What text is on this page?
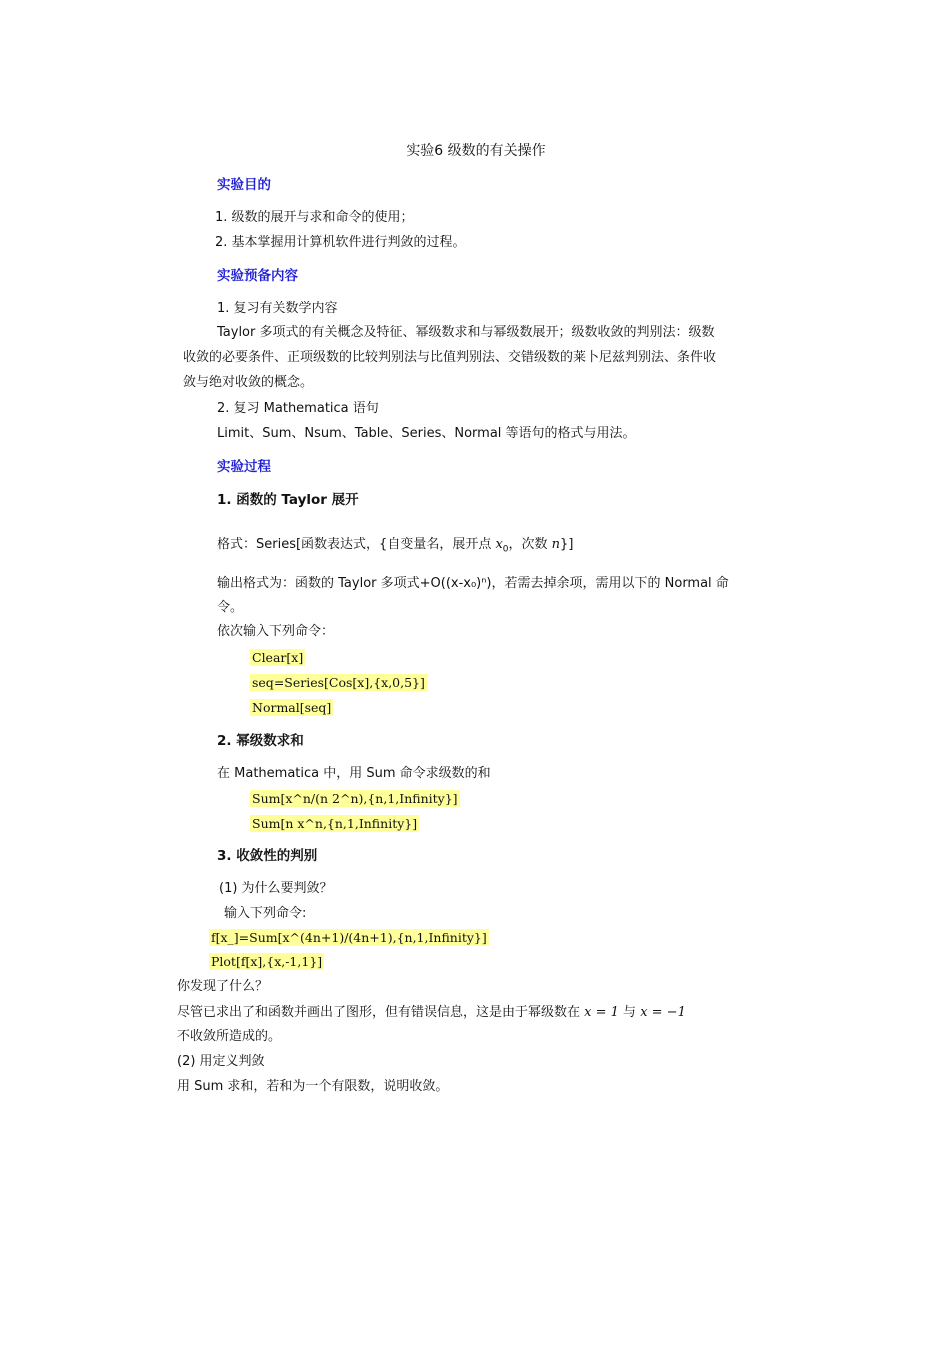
实验6 级数的有关操作
实验目的
1. 级数的展开与求和命令的使用；
2. 基本掌握用计算机软件进行判敛的过程。
实验预备内容
1. 复习有关数学内容
Taylor 多项式的有关概念及特征、幂级数求和与幂级数展开；级数收敛的判别法：级数
收敛的必要条件、正项级数的比较判别法与比值判别法、交错级数的莱卜尼兹判别法、条件收
敛与绝对收敛的概念。
2. 复习 Mathematica 语句
Limit、Sum、Nsum、Table、Series、Normal 等语句的格式与用法。
实验过程
1. 函数的 Taylor 展开
格式：Series[函数表达式，{自变量名，展开点 $x_0$，次数 n}]
输出格式为：函数的 Taylor 多项式+O((x-x₀)ⁿ)，若需去掉余项，需用以下的 Normal 命
令。
依次输入下列命令：
Clear[x]
seq=Series[Cos[x],{x,0,5}]
Normal[seq]
2. 幂级数求和
在 Mathematica 中，用 Sum 命令求级数的和
Sum[x^n/(n 2^n),{n,1,Infinity}]
Sum[n x^n,{n,1,Infinity}]
3. 收敛性的判别
(1) 为什么要判敛？
输入下列命令:
f[x_]=Sum[x^(4n+1)/(4n+1),{n,1,Infinity}]
Plot[f[x],{x,-1,1}]
你发现了什么？
尽管已求出了和函数并画出了图形，但有错误信息，这是由于幂级数在 x = 1 与 x = −1
不收敛所造成的。
(2) 用定义判敛
用 Sum 求和，若和为一个有限数，说明收敛。
